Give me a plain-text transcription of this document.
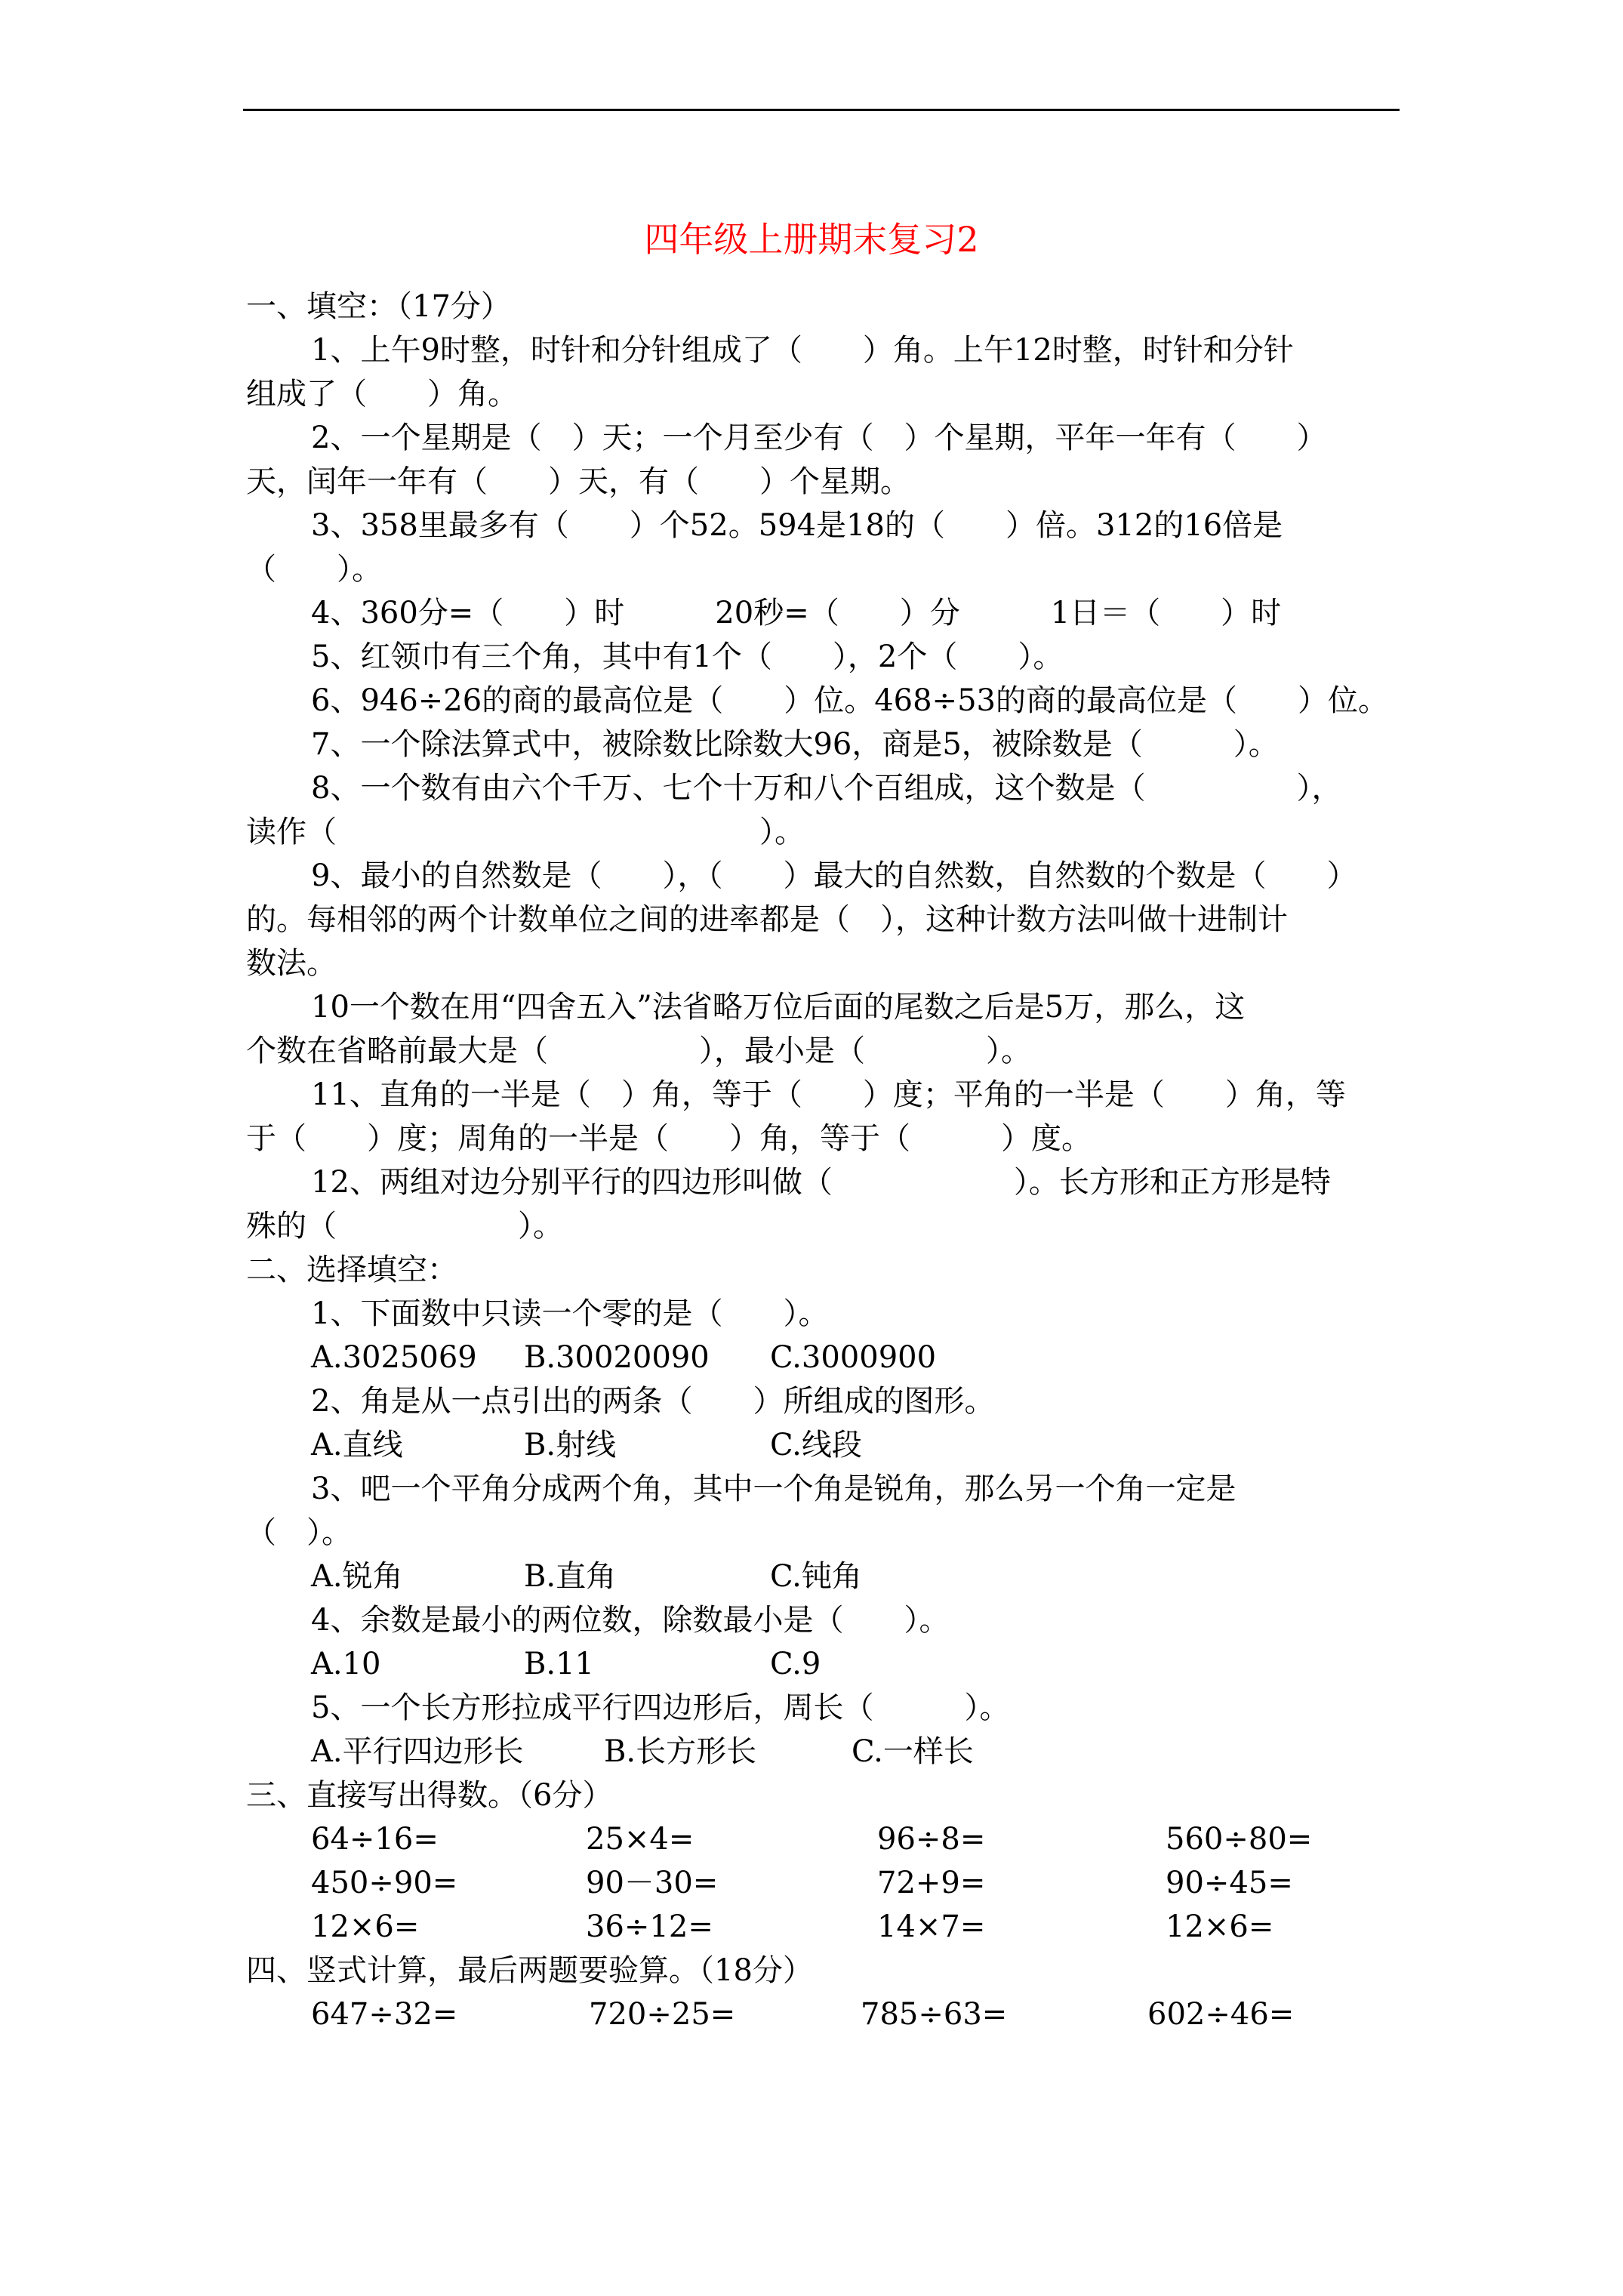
四年级上册期末复习2
一、填空：（17分）
1、上午9时整，时针和分针组成了（　　）角。上午12时整，时针和分针
组成了（　　）角。
2、一个星期是（　）天；一个月至少有（　）个星期，平年一年有（　　）
天，闰年一年有（　　）天，有（　　）个星期。
3、358里最多有（　　）个52。594是18的（　　）倍。312的16倍是
（　　）。
4、360分=（　　）时　　　20秒=（　　）分　　　1日＝（　　）时
5、红领巾有三个角，其中有1个（　　），2个（　　）。
6、946÷26的商的最高位是（　　）位。468÷53的商的最高位是（　　）位。
7、一个除法算式中，被除数比除数大96，商是5，被除数是（　　　）。
8、一个数有由六个千万、七个十万和八个百组成，这个数是（　　　　　），
读作（　　　　　　　　　　　　　　）。
9、最小的自然数是（　　），（　　）最大的自然数，自然数的个数是（　　）
的。每相邻的两个计数单位之间的进率都是（　），这种计数方法叫做十进制计
数法。
10一个数在用“四舍五入”法省略万位后面的尾数之后是5万，那么，这
个数在省略前最大是（　　　　　），最小是（　　　　）。
11、直角的一半是（　）角，等于（　　）度；平角的一半是（　　）角，等
于（　　）度；周角的一半是（　　）角，等于（　　　）度。
12、两组对边分别平行的四边形叫做（　　　　　　）。长方形和正方形是特
殊的（　　　　　　）。
二、选择填空：
1、下面数中只读一个零的是（　　）。
A.3025069 B.30020090 C.3000900
2、角是从一点引出的两条（　　）所组成的图形。
A.直线	B.射线	C.线段
3、吧一个平角分成两个角，其中一个角是锐角，那么另一个角一定是
（　）。
A.锐角	B.直角	C.钝角
4、余数是最小的两位数，除数最小是（　　）。
A.10	B.11	C.9
5、一个长方形拉成平行四边形后，周长（　　　）。
A.平行四边形长	B.长方形长	C.一样长
三、直接写出得数。（6分）
64÷16=	25×4=	96÷8=	560÷80=
450÷90=	90－30=	72+9=	90÷45=
12×6=	36÷12=	14×7=	12×6=
四、竖式计算，最后两题要验算。（18分）
647÷32=	720÷25=	785÷63=	602÷46=
